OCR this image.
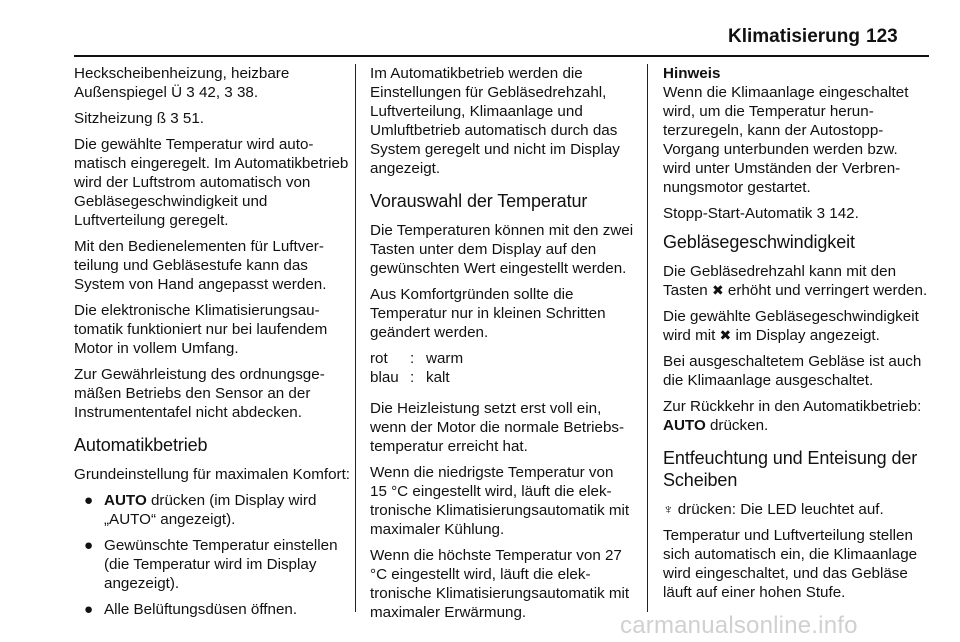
Klimatisierung 123

Heckscheibenheizung, heizbare Außenspiegel Ü 3 42, 3 38.

Sitzheizung ß 3 51.

Die gewählte Temperatur wird automatisch eingeregelt. Im Automatikbetrieb wird der Luftstrom automatisch von Gebläsegeschwindigkeit und Luftverteilung geregelt.

Mit den Bedienelementen für Luftverteilung und Gebläsestufe kann das System von Hand angepasst werden.

Die elektronische Klimatisierungsautomatik funktioniert nur bei laufendem Motor in vollem Umfang.

Zur Gewährleistung des ordnungsgemäßen Betriebs den Sensor an der Instrumententafel nicht abdecken.

Automatikbetrieb

Grundeinstellung für maximalen Komfort:

● AUTO drücken (im Display wird „AUTO“ angezeigt).
● Gewünschte Temperatur einstellen (die Temperatur wird im Display angezeigt).
● Alle Belüftungsdüsen öffnen.

Im Automatikbetrieb werden die Einstellungen für Gebläsedrehzahl, Luftverteilung, Klimaanlage und Umluftbetrieb automatisch durch das System geregelt und nicht im Display angezeigt.

Vorauswahl der Temperatur

Die Temperaturen können mit den zwei Tasten unter dem Display auf den gewünschten Wert eingestellt werden.

Aus Komfortgründen sollte die Temperatur nur in kleinen Schritten geändert werden.

rot	:	warm
blau	:	kalt

Die Heizleistung setzt erst voll ein, wenn der Motor die normale Betriebstemperatur erreicht hat.

Wenn die niedrigste Temperatur von 15 °C eingestellt wird, läuft die elektronische Klimatisierungsautomatik mit maximaler Kühlung.

Wenn die höchste Temperatur von 27 °C eingestellt wird, läuft die elektronische Klimatisierungsautomatik mit maximaler Erwärmung.

Hinweis

Wenn die Klimaanlage eingeschaltet wird, um die Temperatur herunterzuregeln, kann der Autostopp-Vorgang unterbunden werden bzw. wird unter Umständen der Verbrennungsmotor gestartet.

Stopp-Start-Automatik 3 142.

Gebläsegeschwindigkeit

Die Gebläsedrehzahl kann mit den Tasten ✖ erhöht und verringert werden.

Die gewählte Gebläsegeschwindigkeit wird mit ✖ im Display angezeigt.

Bei ausgeschaltetem Gebläse ist auch die Klimaanlage ausgeschaltet.

Zur Rückkehr in den Automatikbetrieb: AUTO drücken.

Entfeuchtung und Enteisung der Scheiben

♆ drücken: Die LED leuchtet auf.

Temperatur und Luftverteilung stellen sich automatisch ein, die Klimaanlage wird eingeschaltet, und das Gebläse läuft auf einer hohen Stufe.

carmanualsonline.info
